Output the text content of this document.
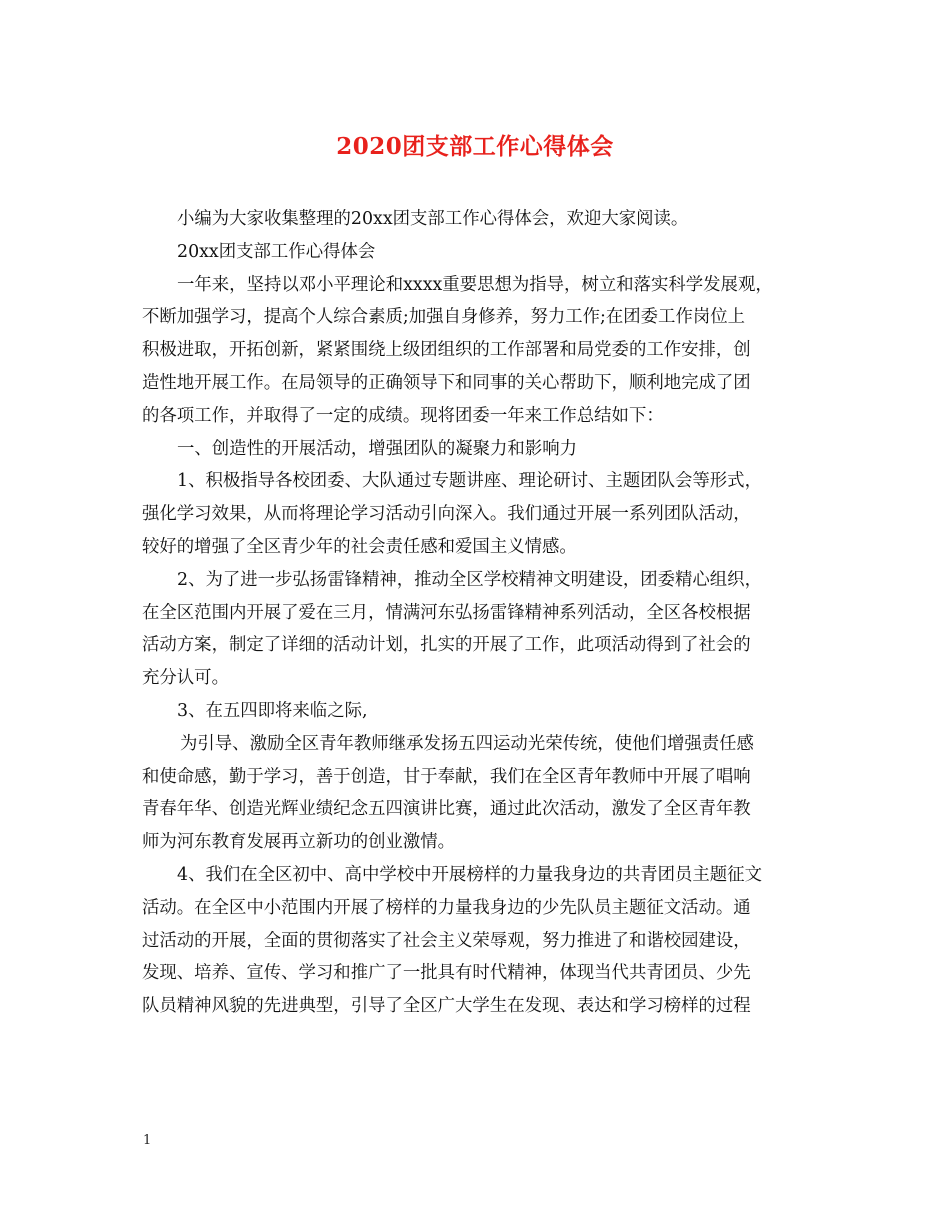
2020团支部工作心得体会

小编为大家收集整理的20xx团支部工作心得体会，欢迎大家阅读。

20xx团支部工作心得体会

一年来，坚持以邓小平理论和xxxx重要思想为指导，树立和落实科学发展观，

不断加强学习，提高个人综合素质;加强自身修养，努力工作;在团委工作岗位上

积极进取，开拓创新，紧紧围绕上级团组织的工作部署和局党委的工作安排，创

造性地开展工作。在局领导的正确领导下和同事的关心帮助下，顺利地完成了团

的各项工作，并取得了一定的成绩。现将团委一年来工作总结如下：

一、创造性的开展活动，增强团队的凝聚力和影响力

1、积极指导各校团委、大队通过专题讲座、理论研讨、主题团队会等形式，

强化学习效果，从而将理论学习活动引向深入。我们通过开展一系列团队活动，

较好的增强了全区青少年的社会责任感和爱国主义情感。

2、为了进一步弘扬雷锋精神，推动全区学校精神文明建设，团委精心组织，

在全区范围内开展了爱在三月，情满河东弘扬雷锋精神系列活动，全区各校根据

活动方案，制定了详细的活动计划，扎实的开展了工作，此项活动得到了社会的

充分认可。

3、在五四即将来临之际,

为引导、激励全区青年教师继承发扬五四运动光荣传统，使他们增强责任感

和使命感，勤于学习，善于创造，甘于奉献，我们在全区青年教师中开展了唱响

青春年华、创造光辉业绩纪念五四演讲比赛，通过此次活动，激发了全区青年教

师为河东教育发展再立新功的创业激情。

4、我们在全区初中、高中学校中开展榜样的力量我身边的共青团员主题征文

活动。在全区中小范围内开展了榜样的力量我身边的少先队员主题征文活动。通

过活动的开展，全面的贯彻落实了社会主义荣辱观，努力推进了和谐校园建设，

发现、培养、宣传、学习和推广了一批具有时代精神，体现当代共青团员、少先

队员精神风貌的先进典型，引导了全区广大学生在发现、表达和学习榜样的过程

1
